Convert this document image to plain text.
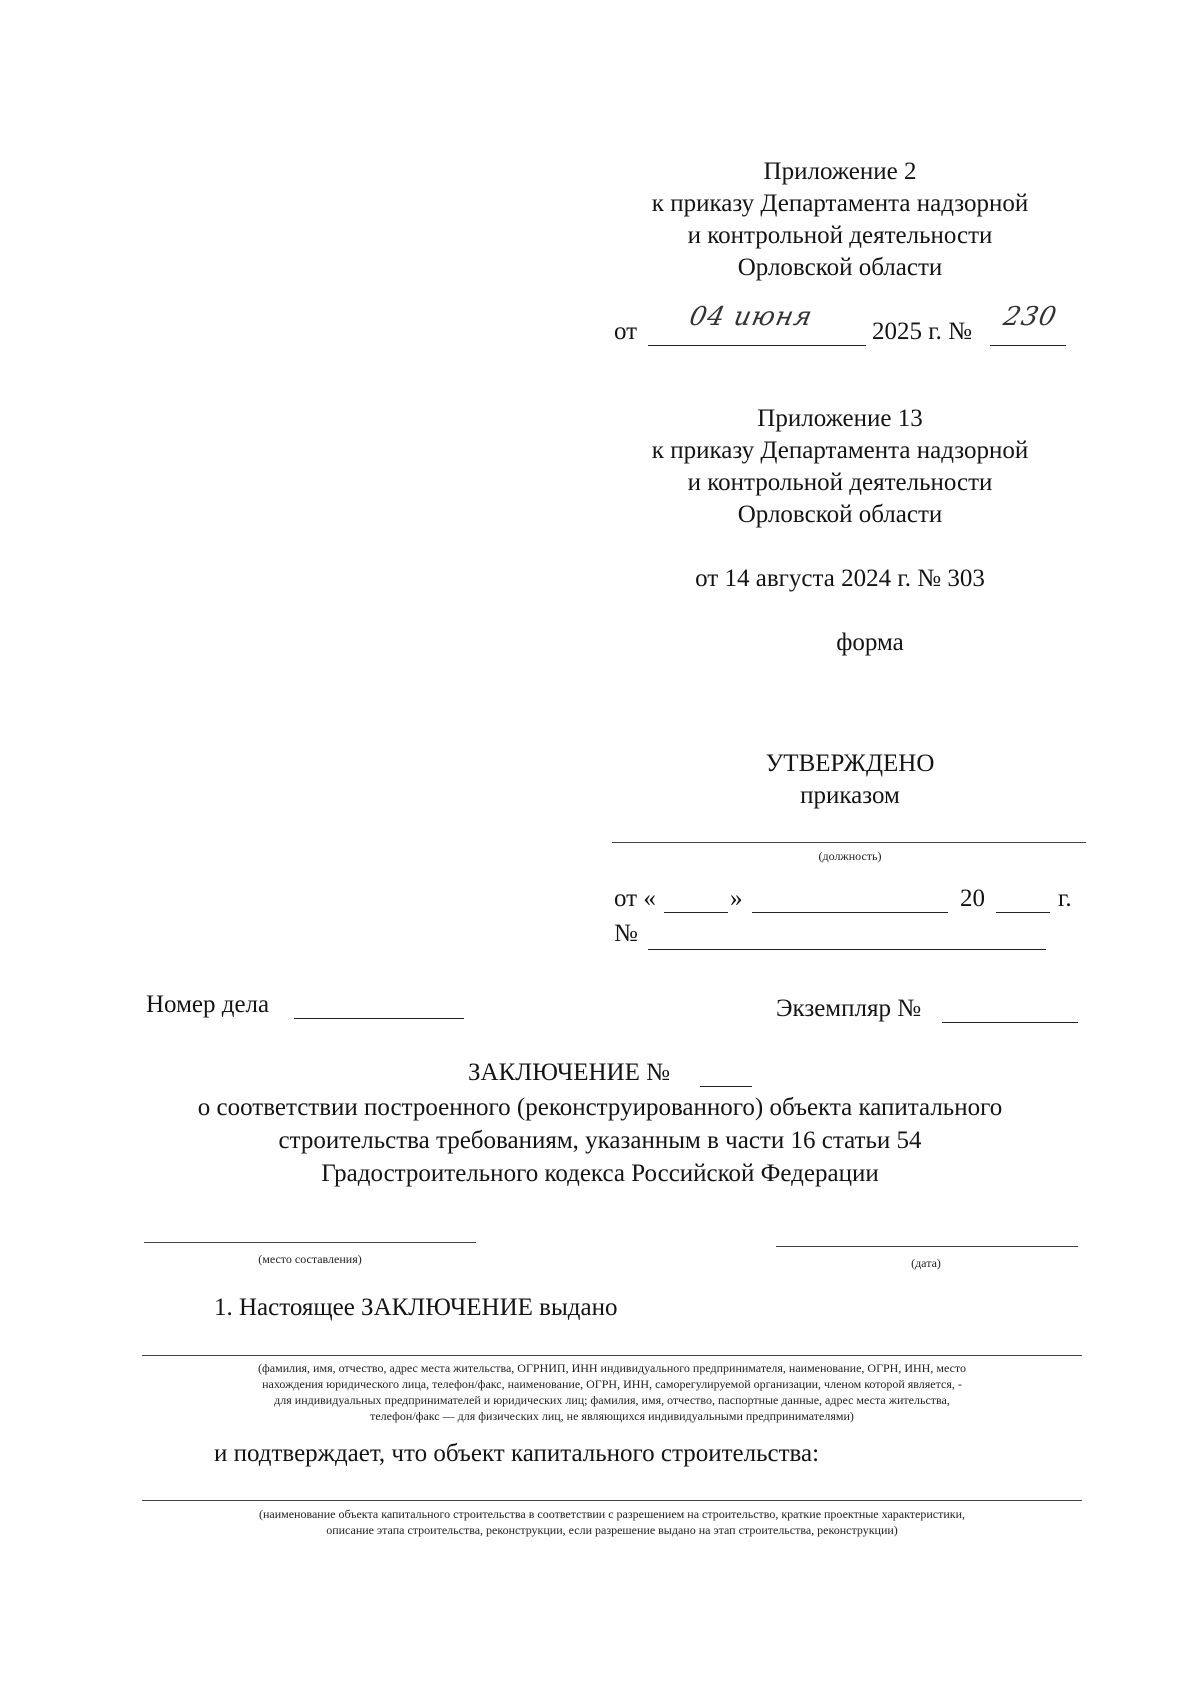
Приложение 2
к приказу Департамента надзорной
и контрольной деятельности
Орловской области
от 04 июня 2025 г. № 230
Приложение 13
к приказу Департамента надзорной
и контрольной деятельности
Орловской области
от 14 августа 2024 г. № 303
форма
УТВЕРЖДЕНО
приказом
(должность)
от «	»	20	г.
№
Номер дела	Экземпляр №
ЗАКЛЮЧЕНИЕ №
о соответствии построенного (реконструированного) объекта капитального
строительства требованиям, указанным в части 16 статьи 54
Градостроительного кодекса Российской Федерации
(место составления)	(дата)
1. Настоящее ЗАКЛЮЧЕНИЕ выдано
(фамилия, имя, отчество, адрес места жительства, ОГРНИП, ИНН индивидуального предпринимателя, наименование, ОГРН, ИНН, место
нахождения юридического лица, телефон/факс, наименование, ОГРН, ИНН, саморегулируемой организации, членом которой является, -
для индивидуальных предпринимателей и юридических лиц; фамилия, имя, отчество, паспортные данные, адрес места жительства,
телефон/факс — для физических лиц, не являющихся индивидуальными предпринимателями)
и подтверждает, что объект капитального строительства:
(наименование объекта капитального строительства в соответствии с разрешением на строительство, краткие проектные характеристики,
описание этапа строительства, реконструкции, если разрешение выдано на этап строительства, реконструкции)
